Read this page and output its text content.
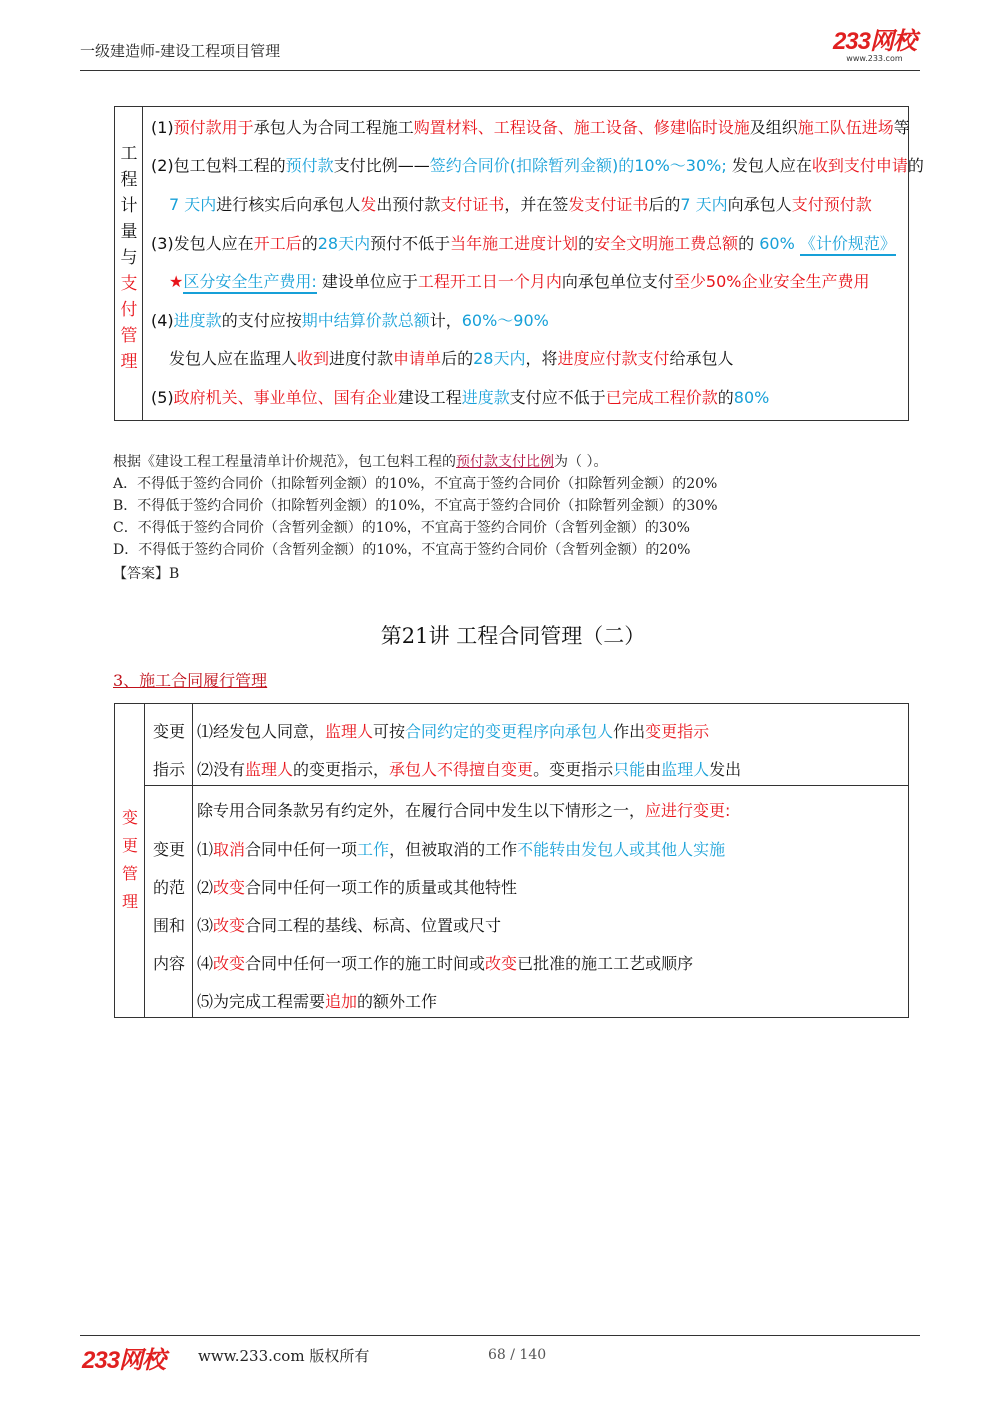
一级建造师-建设工程项目管理	233网校
www.233.com
工
程
计
量
与
支
付
管
理
(1)预付款用于承包人为合同工程施工购置材料、工程设备、施工设备、修建临时设施及组织施工队伍进场等
(2)包工包料工程的预付款支付比例——签约合同价(扣除暂列金额)的10%～30%; 发包人应在收到支付申请的
7 天内进行核实后向承包人发出预付款支付证书，并在签发支付证书后的7 天内向承包人支付预付款
(3)发包人应在开工后的28天内预付不低于当年施工进度计划的安全文明施工费总额的 60% 《计价规范》
★区分安全生产费用: 建设单位应于工程开工日一个月内向承包单位支付至少50%企业安全生产费用
(4)进度款的支付应按期中结算价款总额计，60%～90%
发包人应在监理人收到进度付款申请单后的28天内，将进度应付款支付给承包人
(5)政府机关、事业单位、国有企业建设工程进度款支付应不低于已完成工程价款的80%
根据《建设工程工程量清单计价规范》，包工包料工程的预付款支付比例为（ ）。
A．不得低于签约合同价（扣除暂列金额）的10%，不宜高于签约合同价（扣除暂列金额）的20%
B．不得低于签约合同价（扣除暂列金额）的10%，不宜高于签约合同价（扣除暂列金额）的30%
C．不得低于签约合同价（含暂列金额）的10%，不宜高于签约合同价（含暂列金额）的30%
D．不得低于签约合同价（含暂列金额）的10%，不宜高于签约合同价（含暂列金额）的20%
【答案】B
第21讲 工程合同管理（二）
3、施工合同履行管理
变
更
管
理
变更
指示
变更
的范
围和
内容
⑴经发包人同意，监理人可按合同约定的变更程序向承包人作出变更指示
⑵没有监理人的变更指示，承包人不得擅自变更。变更指示只能由监理人发出
除专用合同条款另有约定外，在履行合同中发生以下情形之一，应进行变更:
⑴取消合同中任何一项工作，但被取消的工作不能转由发包人或其他人实施
⑵改变合同中任何一项工作的质量或其他特性
⑶改变合同工程的基线、标高、位置或尺寸
⑷改变合同中任何一项工作的施工时间或改变已批准的施工工艺或顺序
⑸为完成工程需要追加的额外工作
233网校 www.233.com 版权所有	68 / 140
